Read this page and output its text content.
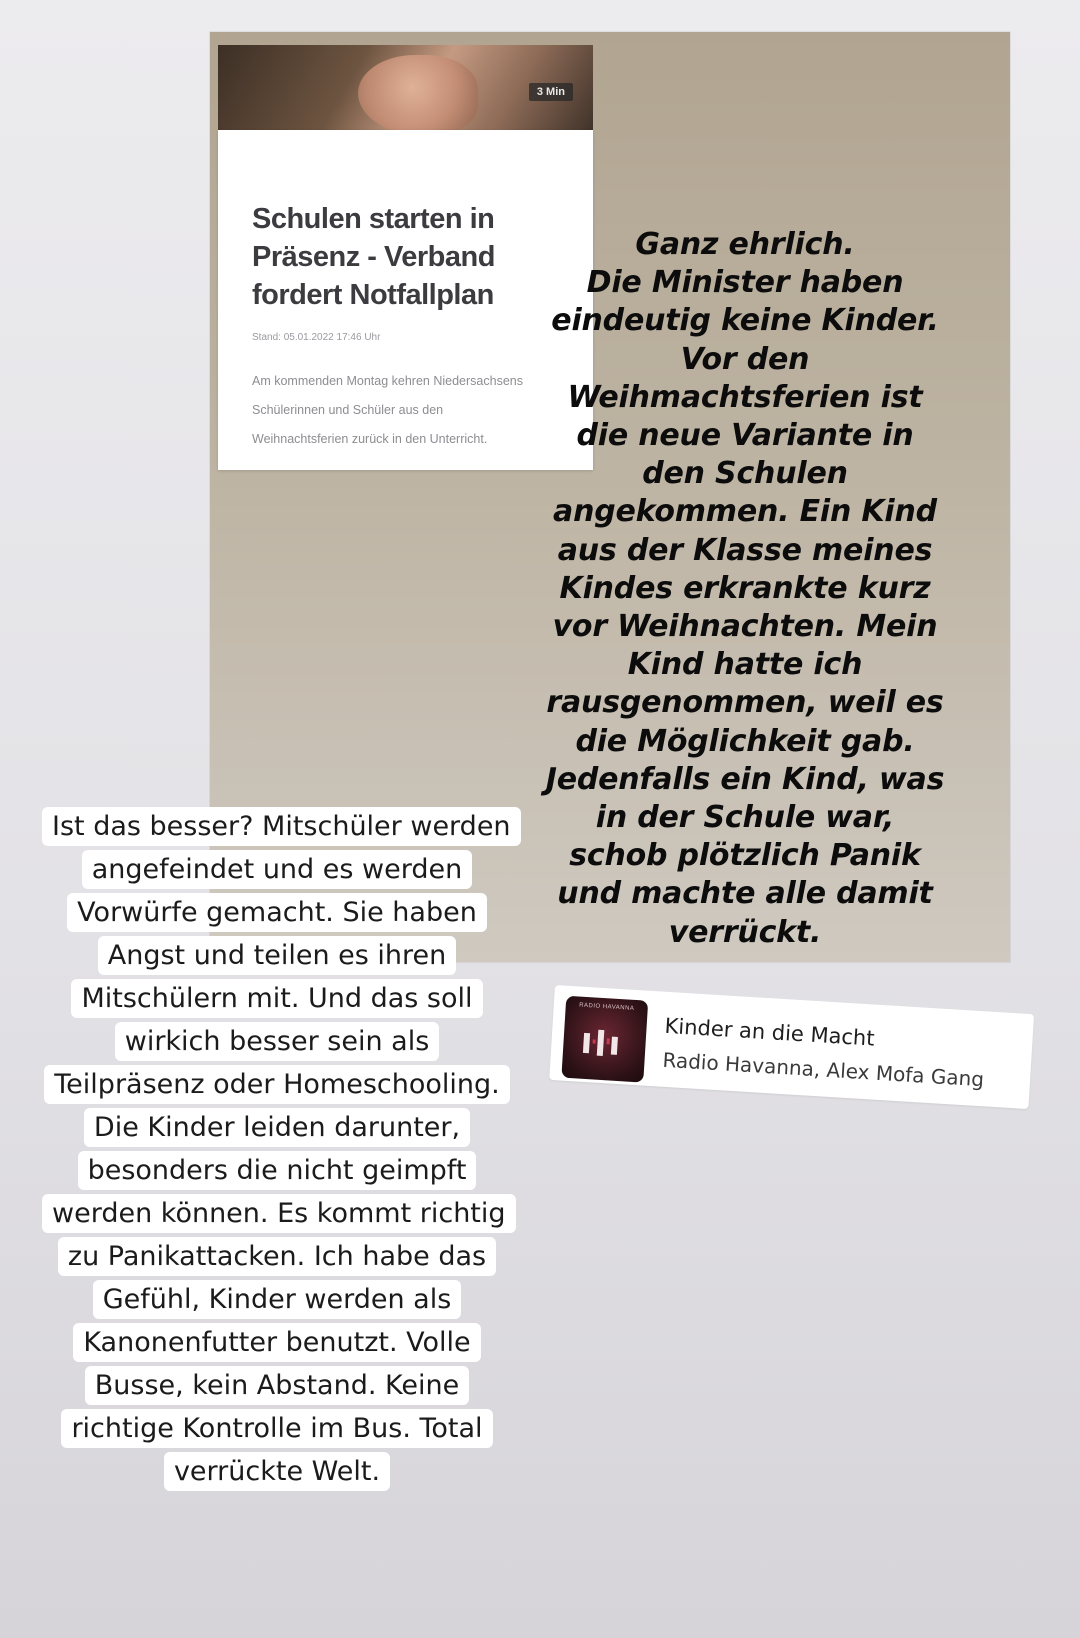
3 Min
Schulen starten in Präsenz - Verband fordert Notfallplan
Stand: 05.01.2022 17:46 Uhr
Am kommenden Montag kehren Niedersachsens Schülerinnen und Schüler aus den Weihnachtsferien zurück in den Unterricht.
Ganz ehrlich.
Die Minister haben
eindeutig keine Kinder.
Vor den
Weihmachtsferien ist
die neue Variante in
den Schulen
angekommen. Ein Kind
aus der Klasse meines
Kindes erkrankte kurz
vor Weihnachten. Mein
Kind hatte ich
rausgenommen, weil es
die Möglichkeit gab.
Jedenfalls ein Kind, was
in der Schule war,
schob plötzlich Panik
und machte alle damit
verrückt.
Ist das besser? Mitschüler werden angefeindet und es werden Vorwürfe gemacht. Sie haben Angst und teilen es ihren Mitschülern mit. Und das soll wirkich besser sein als Teilpräsenz oder Homeschooling. Die Kinder leiden darunter, besonders die nicht geimpft werden können. Es kommt richtig zu Panikattacken. Ich habe das Gefühl, Kinder werden als Kanonenfutter benutzt. Volle Busse, kein Abstand. Keine richtige Kontrolle im Bus. Total verrückte Welt.
RADIO HAVANNA
Kinder an die Macht
Radio Havanna, Alex Mofa Gang
